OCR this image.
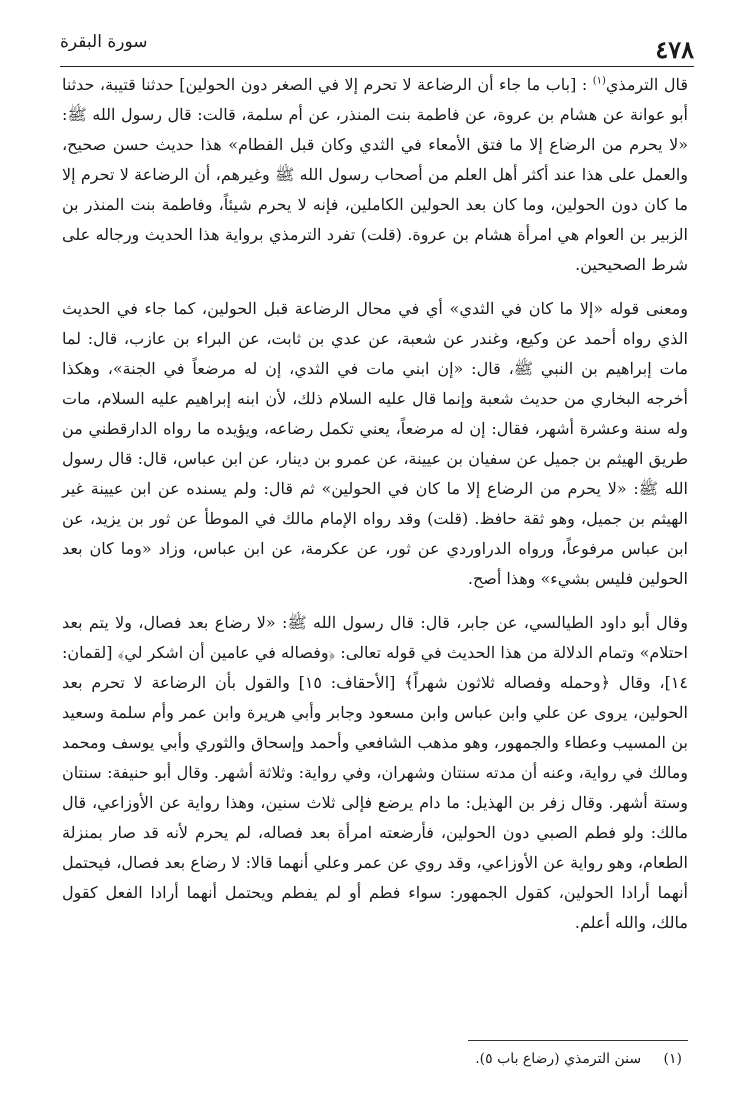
٤٧٨
سورة البقرة

قال الترمذي$^{(١)}$ : [باب ما جاء أن الرضاعة لا تحرم إلا في الصغر دون الحولين] حدثنا قتيبة، حدثنا أبو عوانة عن هشام بن عروة، عن فاطمة بنت المنذر، عن أم سلمة، قالت: قال رسول الله ﷺ: «لا يحرم من الرضاع إلا ما فتق الأمعاء في الثدي وكان قبل الفطام» هذا حديث حسن صحيح، والعمل على هذا عند أكثر أهل العلم من أصحاب رسول الله ﷺ وغيرهم، أن الرضاعة لا تحرم إلا ما كان دون الحولين، وما كان بعد الحولين الكاملين، فإنه لا يحرم شيئاً، وفاطمة بنت المنذر بن الزبير بن العوام هي امرأة هشام بن عروة. (قلت) تفرد الترمذي برواية هذا الحديث ورجاله على شرط الصحيحين.

ومعنى قوله «إلا ما كان في الثدي» أي في محال الرضاعة قبل الحولين، كما جاء في الحديث الذي رواه أحمد عن وكيع، وغندر عن شعبة، عن عدي بن ثابت، عن البراء بن عازب، قال: لما مات إبراهيم بن النبي ﷺ، قال: «إن ابني مات في الثدي، إن له مرضعاً في الجنة»، وهكذا أخرجه البخاري من حديث شعبة وإنما قال عليه السلام ذلك، لأن ابنه إبراهيم عليه السلام، مات وله سنة وعشرة أشهر، فقال: إن له مرضعاً، يعني تكمل رضاعه، ويؤيده ما رواه الدارقطني من طريق الهيثم بن جميل عن سفيان بن عيينة، عن عمرو بن دينار، عن ابن عباس، قال: قال رسول الله ﷺ: «لا يحرم من الرضاع إلا ما كان في الحولين» ثم قال: ولم يسنده عن ابن عيينة غير الهيثم بن جميل، وهو ثقة حافظ. (قلت) وقد رواه الإمام مالك في الموطأ عن ثور بن يزيد، عن ابن عباس مرفوعاً، ورواه الدراوردي عن ثور، عن عكرمة، عن ابن عباس، وزاد «وما كان بعد الحولين فليس بشيء» وهذا أصح.

وقال أبو داود الطيالسي، عن جابر، قال: قال رسول الله ﷺ: «لا رضاع بعد فصال، ولا يتم بعد احتلام» وتمام الدلالة من هذا الحديث في قوله تعالى: ﴿وفصاله في عامين أن اشكر لي﴾ [لقمان: ١٤]، وقال ﴿وحمله وفصاله ثلاثون شهراً﴾ [الأحقاف: ١٥] والقول بأن الرضاعة لا تحرم بعد الحولين، يروى عن علي وابن عباس وابن مسعود وجابر وأبي هريرة وابن عمر وأم سلمة وسعيد بن المسيب وعطاء والجمهور، وهو مذهب الشافعي وأحمد وإسحاق والثوري وأبي يوسف ومحمد ومالك في رواية، وعنه أن مدته سنتان وشهران، وفي رواية: وثلاثة أشهر. وقال أبو حنيفة: سنتان وستة أشهر. وقال زفر بن الهذيل: ما دام يرضع فإلى ثلاث سنين، وهذا رواية عن الأوزاعي، قال مالك: ولو فطم الصبي دون الحولين، فأرضعته امرأة بعد فصاله، لم يحرم لأنه قد صار بمنزلة الطعام، وهو رواية عن الأوزاعي، وقد روي عن عمر وعلي أنهما قالا: لا رضاع بعد فصال، فيحتمل أنهما أرادا الحولين، كقول الجمهور: سواء فطم أو لم يفطم ويحتمل أنهما أرادا الفعل كقول مالك، والله أعلم.

(١) سنن الترمذي (رضاع باب ٥).
